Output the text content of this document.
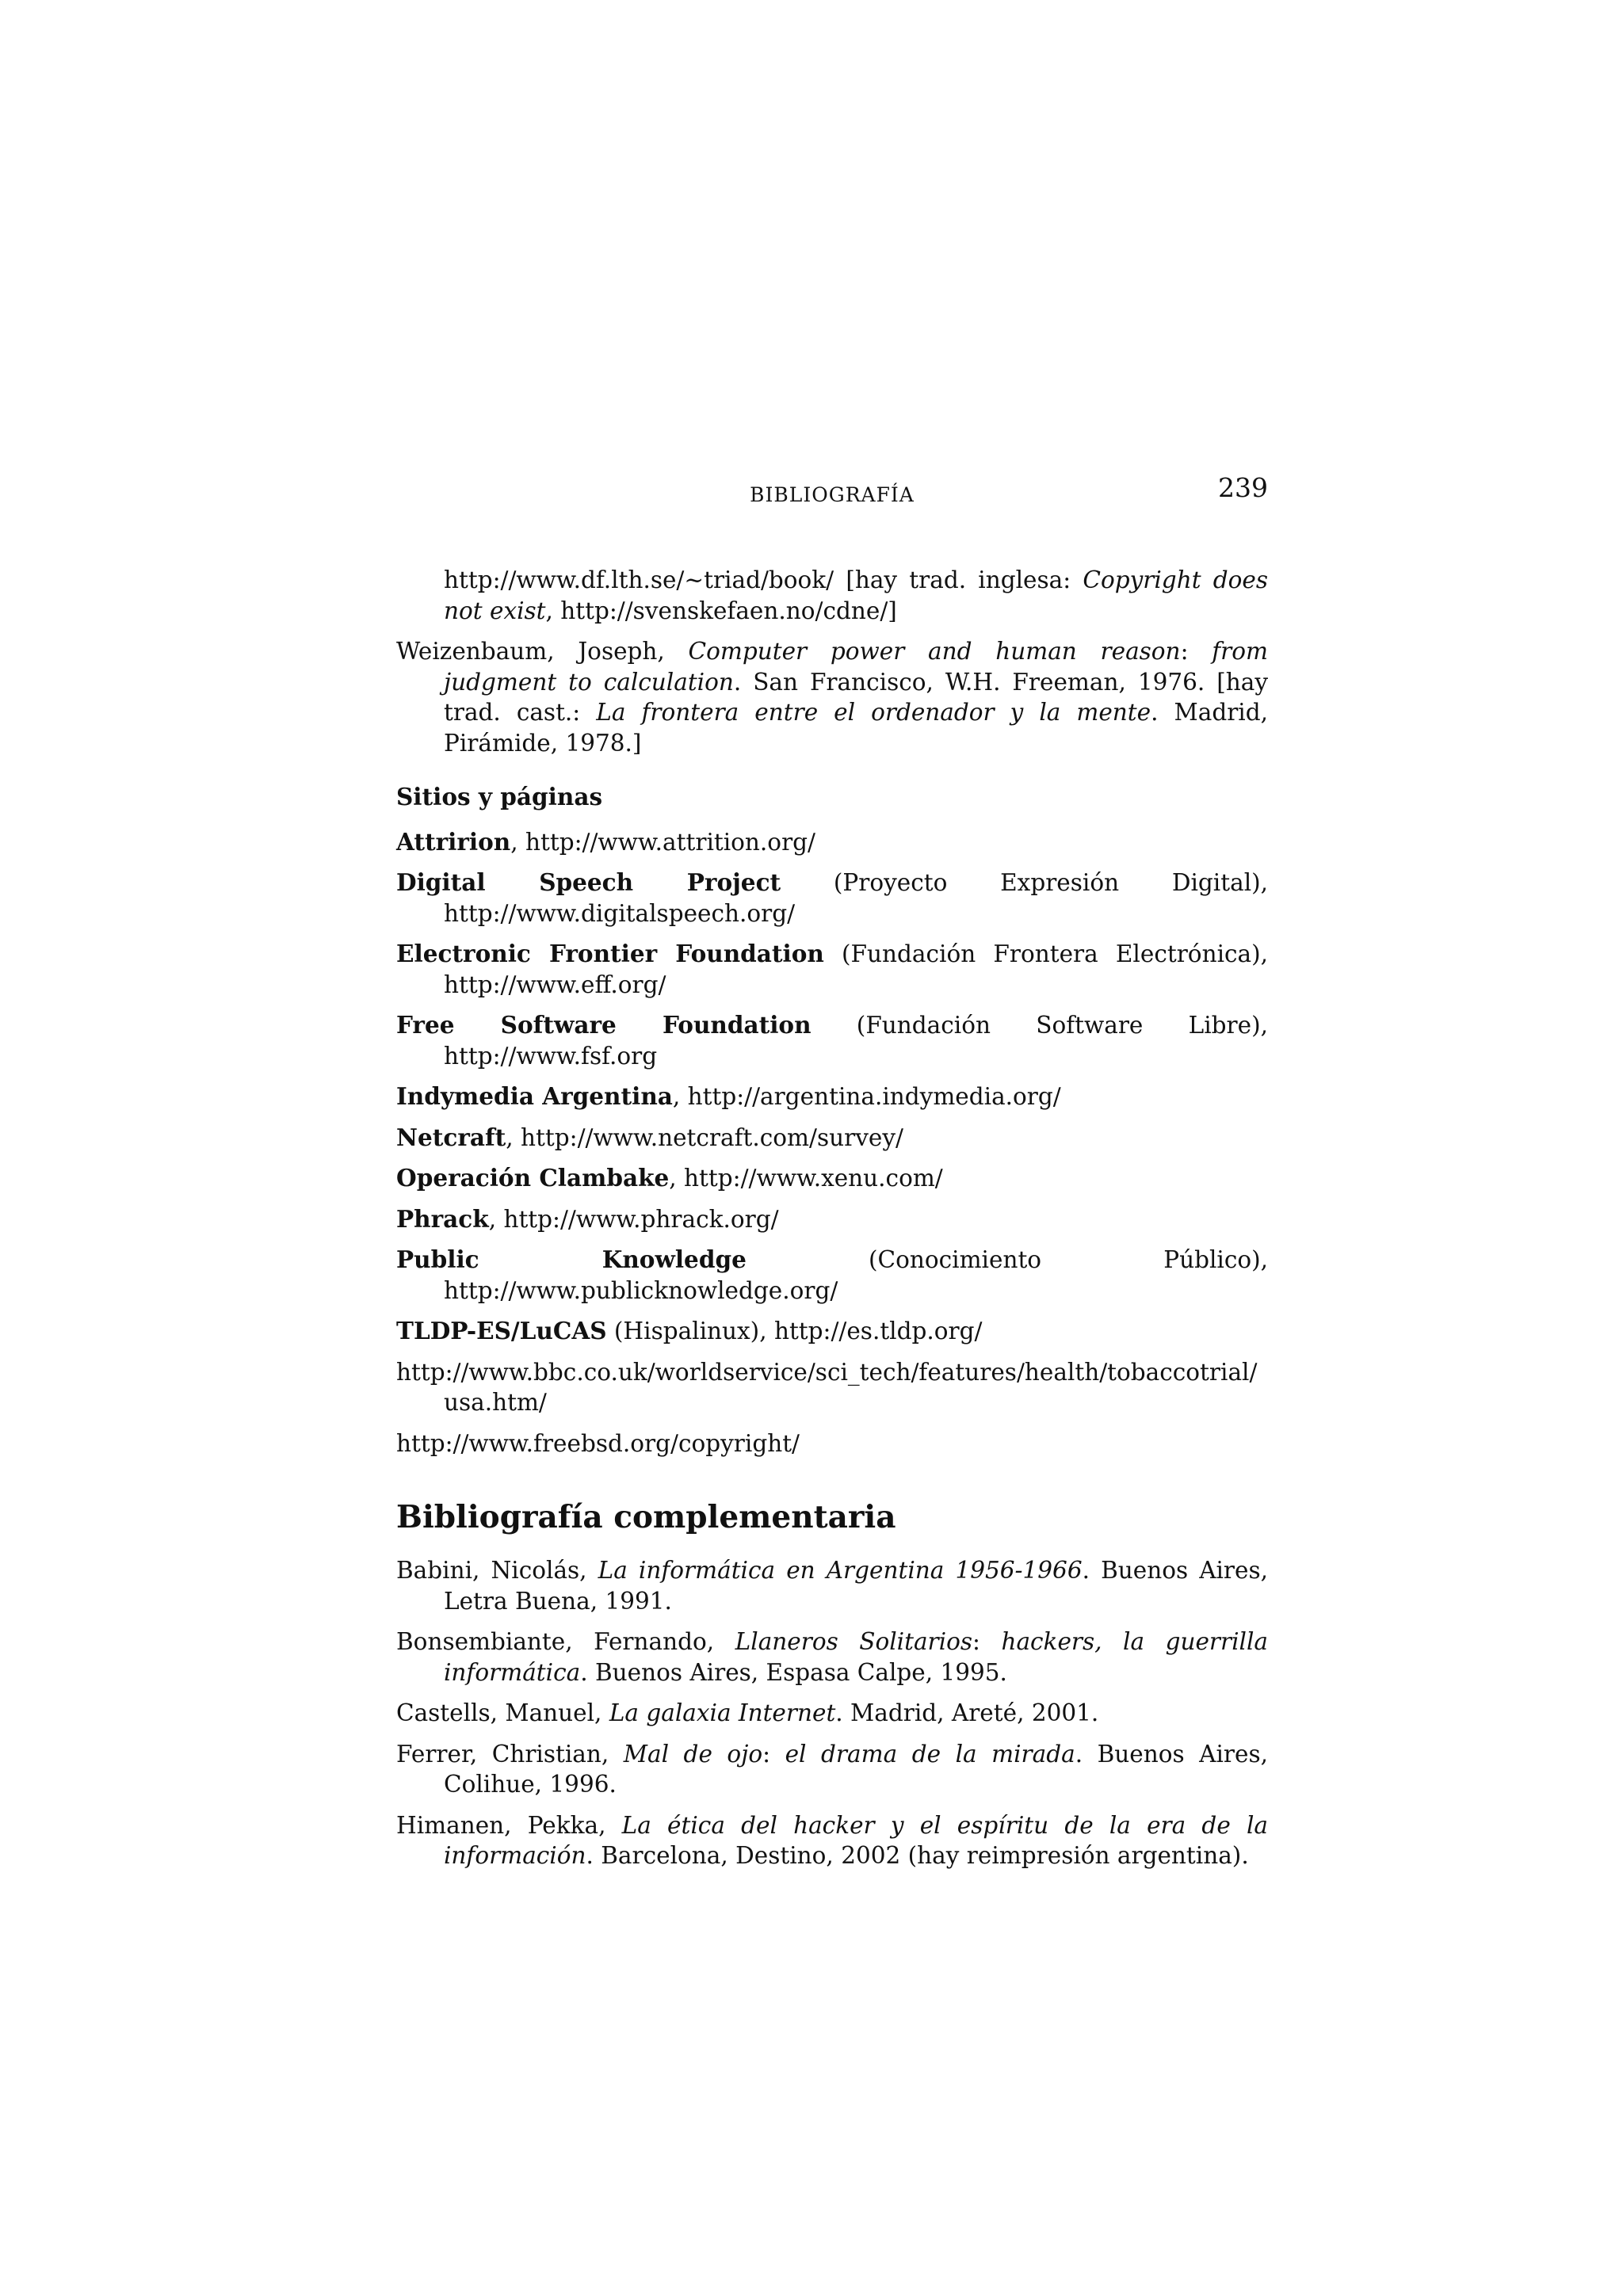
BIBLIOGRAFÍA	239

http://www.df.lth.se/~triad/book/ [hay trad. inglesa: Copyright does not exist, http://svenskefaen.no/cdne/]

Weizenbaum, Joseph, Computer power and human reason: from judgment to calculation. San Francisco, W.H. Freeman, 1976. [hay trad. cast.: La frontera entre el ordenador y la mente. Madrid, Pirámide, 1978.]

Sitios y páginas

Attririon, http://www.attrition.org/

Digital Speech Project (Proyecto Expresión Digital), http://www.digitalspeech.org/

Electronic Frontier Foundation (Fundación Frontera Electrónica), http://www.eff.org/

Free Software Foundation (Fundación Software Libre), http://www.fsf.org

Indymedia Argentina, http://argentina.indymedia.org/

Netcraft, http://www.netcraft.com/survey/

Operación Clambake, http://www.xenu.com/

Phrack, http://www.phrack.org/

Public Knowledge (Conocimiento Público), http://www.publicknowledge.org/

TLDP-ES/LuCAS (Hispalinux), http://es.tldp.org/

http://www.bbc.co.uk/worldservice/sci_tech/features/health/tobaccotrial/usa.htm/

http://www.freebsd.org/copyright/

Bibliografía complementaria

Babini, Nicolás, La informática en Argentina 1956-1966. Buenos Aires, Letra Buena, 1991.

Bonsembiante, Fernando, Llaneros Solitarios: hackers, la guerrilla informática. Buenos Aires, Espasa Calpe, 1995.

Castells, Manuel, La galaxia Internet. Madrid, Areté, 2001.

Ferrer, Christian, Mal de ojo: el drama de la mirada. Buenos Aires, Colihue, 1996.

Himanen, Pekka, La ética del hacker y el espíritu de la era de la información. Barcelona, Destino, 2002 (hay reimpresión argentina).
